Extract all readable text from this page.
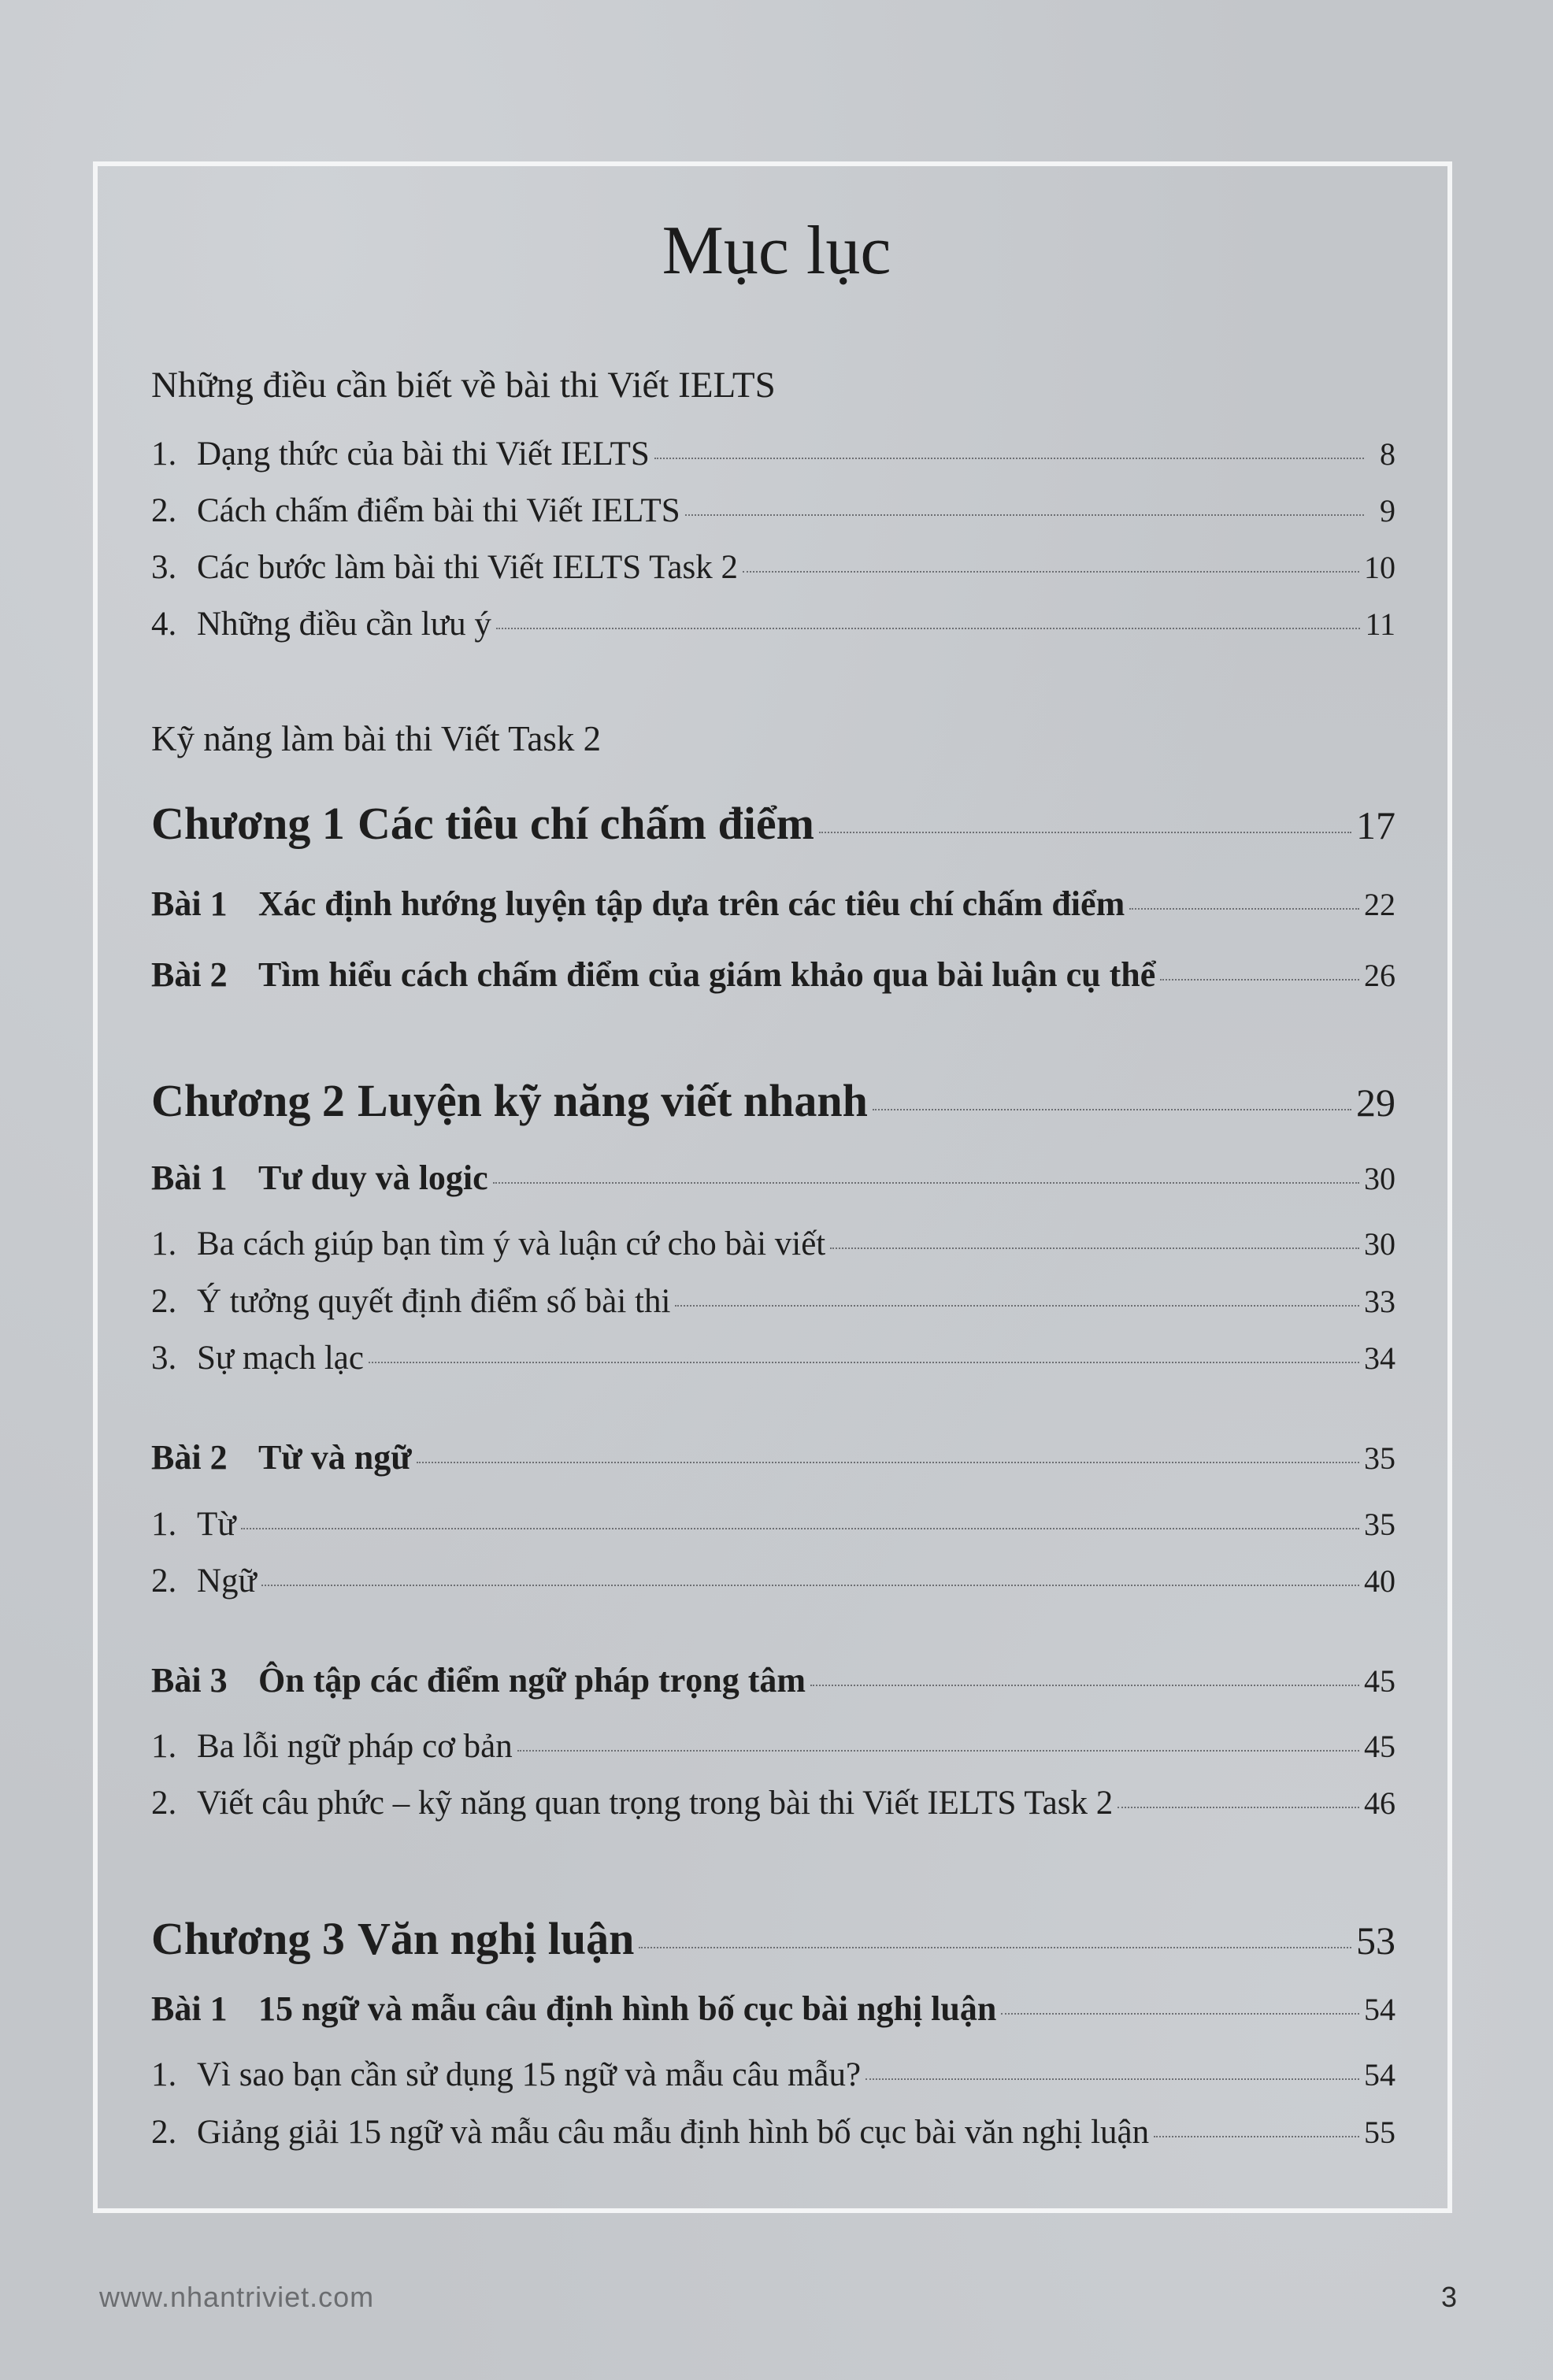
Mục lục
Những điều cần biết về bài thi Viết IELTS
1. Dạng thức của bài thi Viết IELTS	8
2. Cách chấm điểm bài thi Viết IELTS	9
3. Các bước làm bài thi Viết IELTS Task 2	10
4. Những điều cần lưu ý	11
Kỹ năng làm bài thi Viết Task 2
Chương 1 Các tiêu chí chấm điểm	17
Bài 1 Xác định hướng luyện tập dựa trên các tiêu chí chấm điểm	22
Bài 2 Tìm hiểu cách chấm điểm của giám khảo qua bài luận cụ thể	26
Chương 2 Luyện kỹ năng viết nhanh	29
Bài 1 Tư duy và logic	30
1. Ba cách giúp bạn tìm ý và luận cứ cho bài viết	30
2. Ý tưởng quyết định điểm số bài thi	33
3. Sự mạch lạc	34
Bài 2 Từ và ngữ	35
1. Từ	35
2. Ngữ	40
Bài 3 Ôn tập các điểm ngữ pháp trọng tâm	45
1. Ba lỗi ngữ pháp cơ bản	45
2. Viết câu phức – kỹ năng quan trọng trong bài thi Viết IELTS Task 2	46
Chương 3 Văn nghị luận	53
Bài 1 15 ngữ và mẫu câu định hình bố cục bài nghị luận	54
1. Vì sao bạn cần sử dụng 15 ngữ và mẫu câu mẫu?	54
2. Giảng giải 15 ngữ và mẫu câu mẫu định hình bố cục bài văn nghị luận	55
www.nhantriviet.com	3
